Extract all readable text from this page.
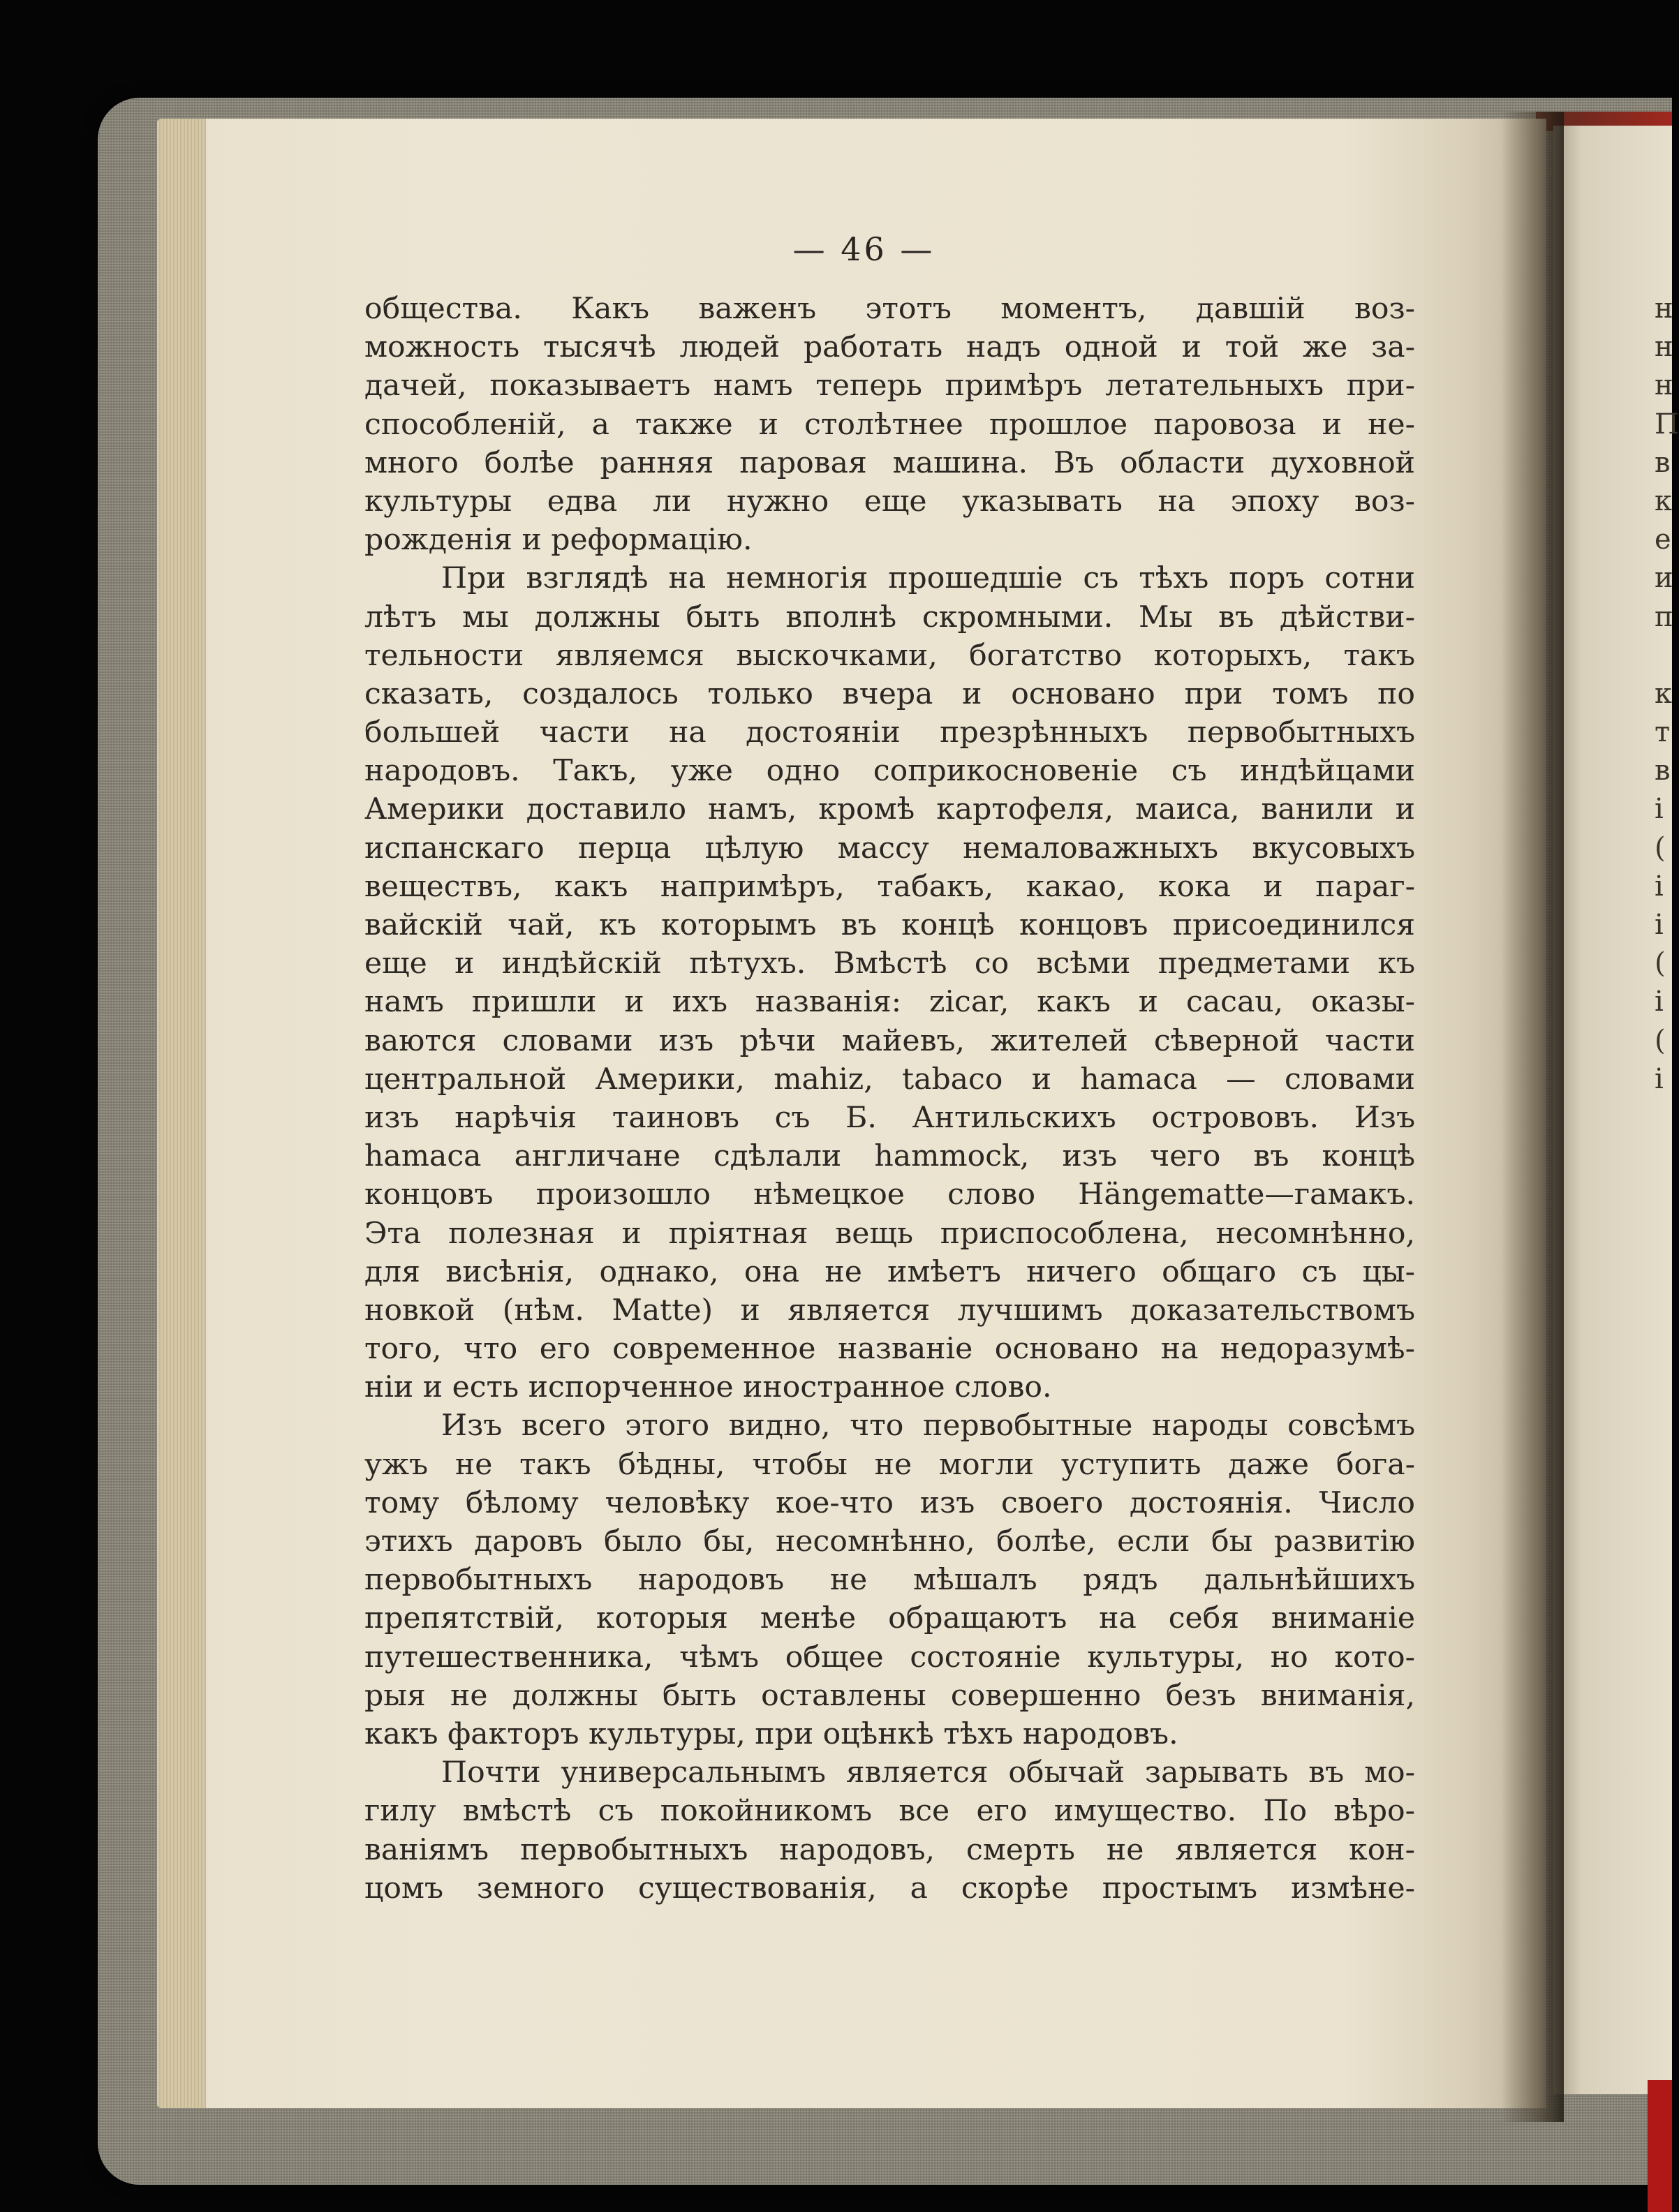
— 46 —
общества. Какъ важенъ этотъ моментъ, давшій воз-
можность тысячѣ людей работать надъ одной и той же за-
дачей, показываетъ намъ теперь примѣръ летательныхъ при-
способленій, а также и столѣтнее прошлое паровоза и не-
много болѣе ранняя паровая машина. Въ области духовной
культуры едва ли нужно еще указывать на эпоху воз-
рожденія и реформацію.
При взглядѣ на немногія прошедшіе съ тѣхъ поръ сотни
лѣтъ мы должны быть вполнѣ скромными. Мы въ дѣйстви-
тельности являемся выскочками, богатство которыхъ, такъ
сказать, создалось только вчера и основано при томъ по
большей части на достояніи презрѣнныхъ первобытныхъ
народовъ. Такъ, уже одно соприкосновеніе съ индѣйцами
Америки доставило намъ, кромѣ картофеля, маиса, ванили и
испанскаго перца цѣлую массу немаловажныхъ вкусовыхъ
веществъ, какъ напримѣръ, табакъ, какао, кока и параг-
вайскій чай, къ которымъ въ концѣ концовъ присоединился
еще и индѣйскій пѣтухъ. Вмѣстѣ со всѣми предметами къ
намъ пришли и ихъ названія: zicar, какъ и cacau, оказы-
ваются словами изъ рѣчи майевъ, жителей сѣверной части
центральной Америки, mahiz, tabaco и hamaca — словами
изъ нарѣчія таиновъ съ Б. Антильскихъ острововъ. Изъ
hamaca англичане сдѣлали hammock, изъ чего въ концѣ
концовъ произошло нѣмецкое слово Hängematte—гамакъ.
Эта полезная и пріятная вещь приспособлена, несомнѣнно,
для висѣнія, однако, она не имѣетъ ничего общаго съ цы-
новкой (нѣм. Matte) и является лучшимъ доказательствомъ
того, что его современное названіе основано на недоразумѣ-
ніи и есть испорченное иностранное слово.
Изъ всего этого видно, что первобытные народы совсѣмъ
ужъ не такъ бѣдны, чтобы не могли уступить даже бога-
тому бѣлому человѣку кое-что изъ своего достоянія. Число
этихъ даровъ было бы, несомнѣнно, болѣе, если бы развитію
первобытныхъ народовъ не мѣшалъ рядъ дальнѣйшихъ
препятствій, которыя менѣе обращаютъ на себя вниманіе
путешественника, чѣмъ общее состояніе культуры, но кото-
рыя не должны быть оставлены совершенно безъ вниманія,
какъ факторъ культуры, при оцѣнкѣ тѣхъ народовъ.
Почти универсальнымъ является обычай зарывать въ мо-
гилу вмѣстѣ съ покойникомъ все его имущество. По вѣро-
ваніямъ первобытныхъ народовъ, смерть не является кон-
цомъ земного существованія, а скорѣе простымъ измѣне-
н
н
н
П
в
к
е
и
п
к
т
в
і
(
і
і
(
і
(
і
